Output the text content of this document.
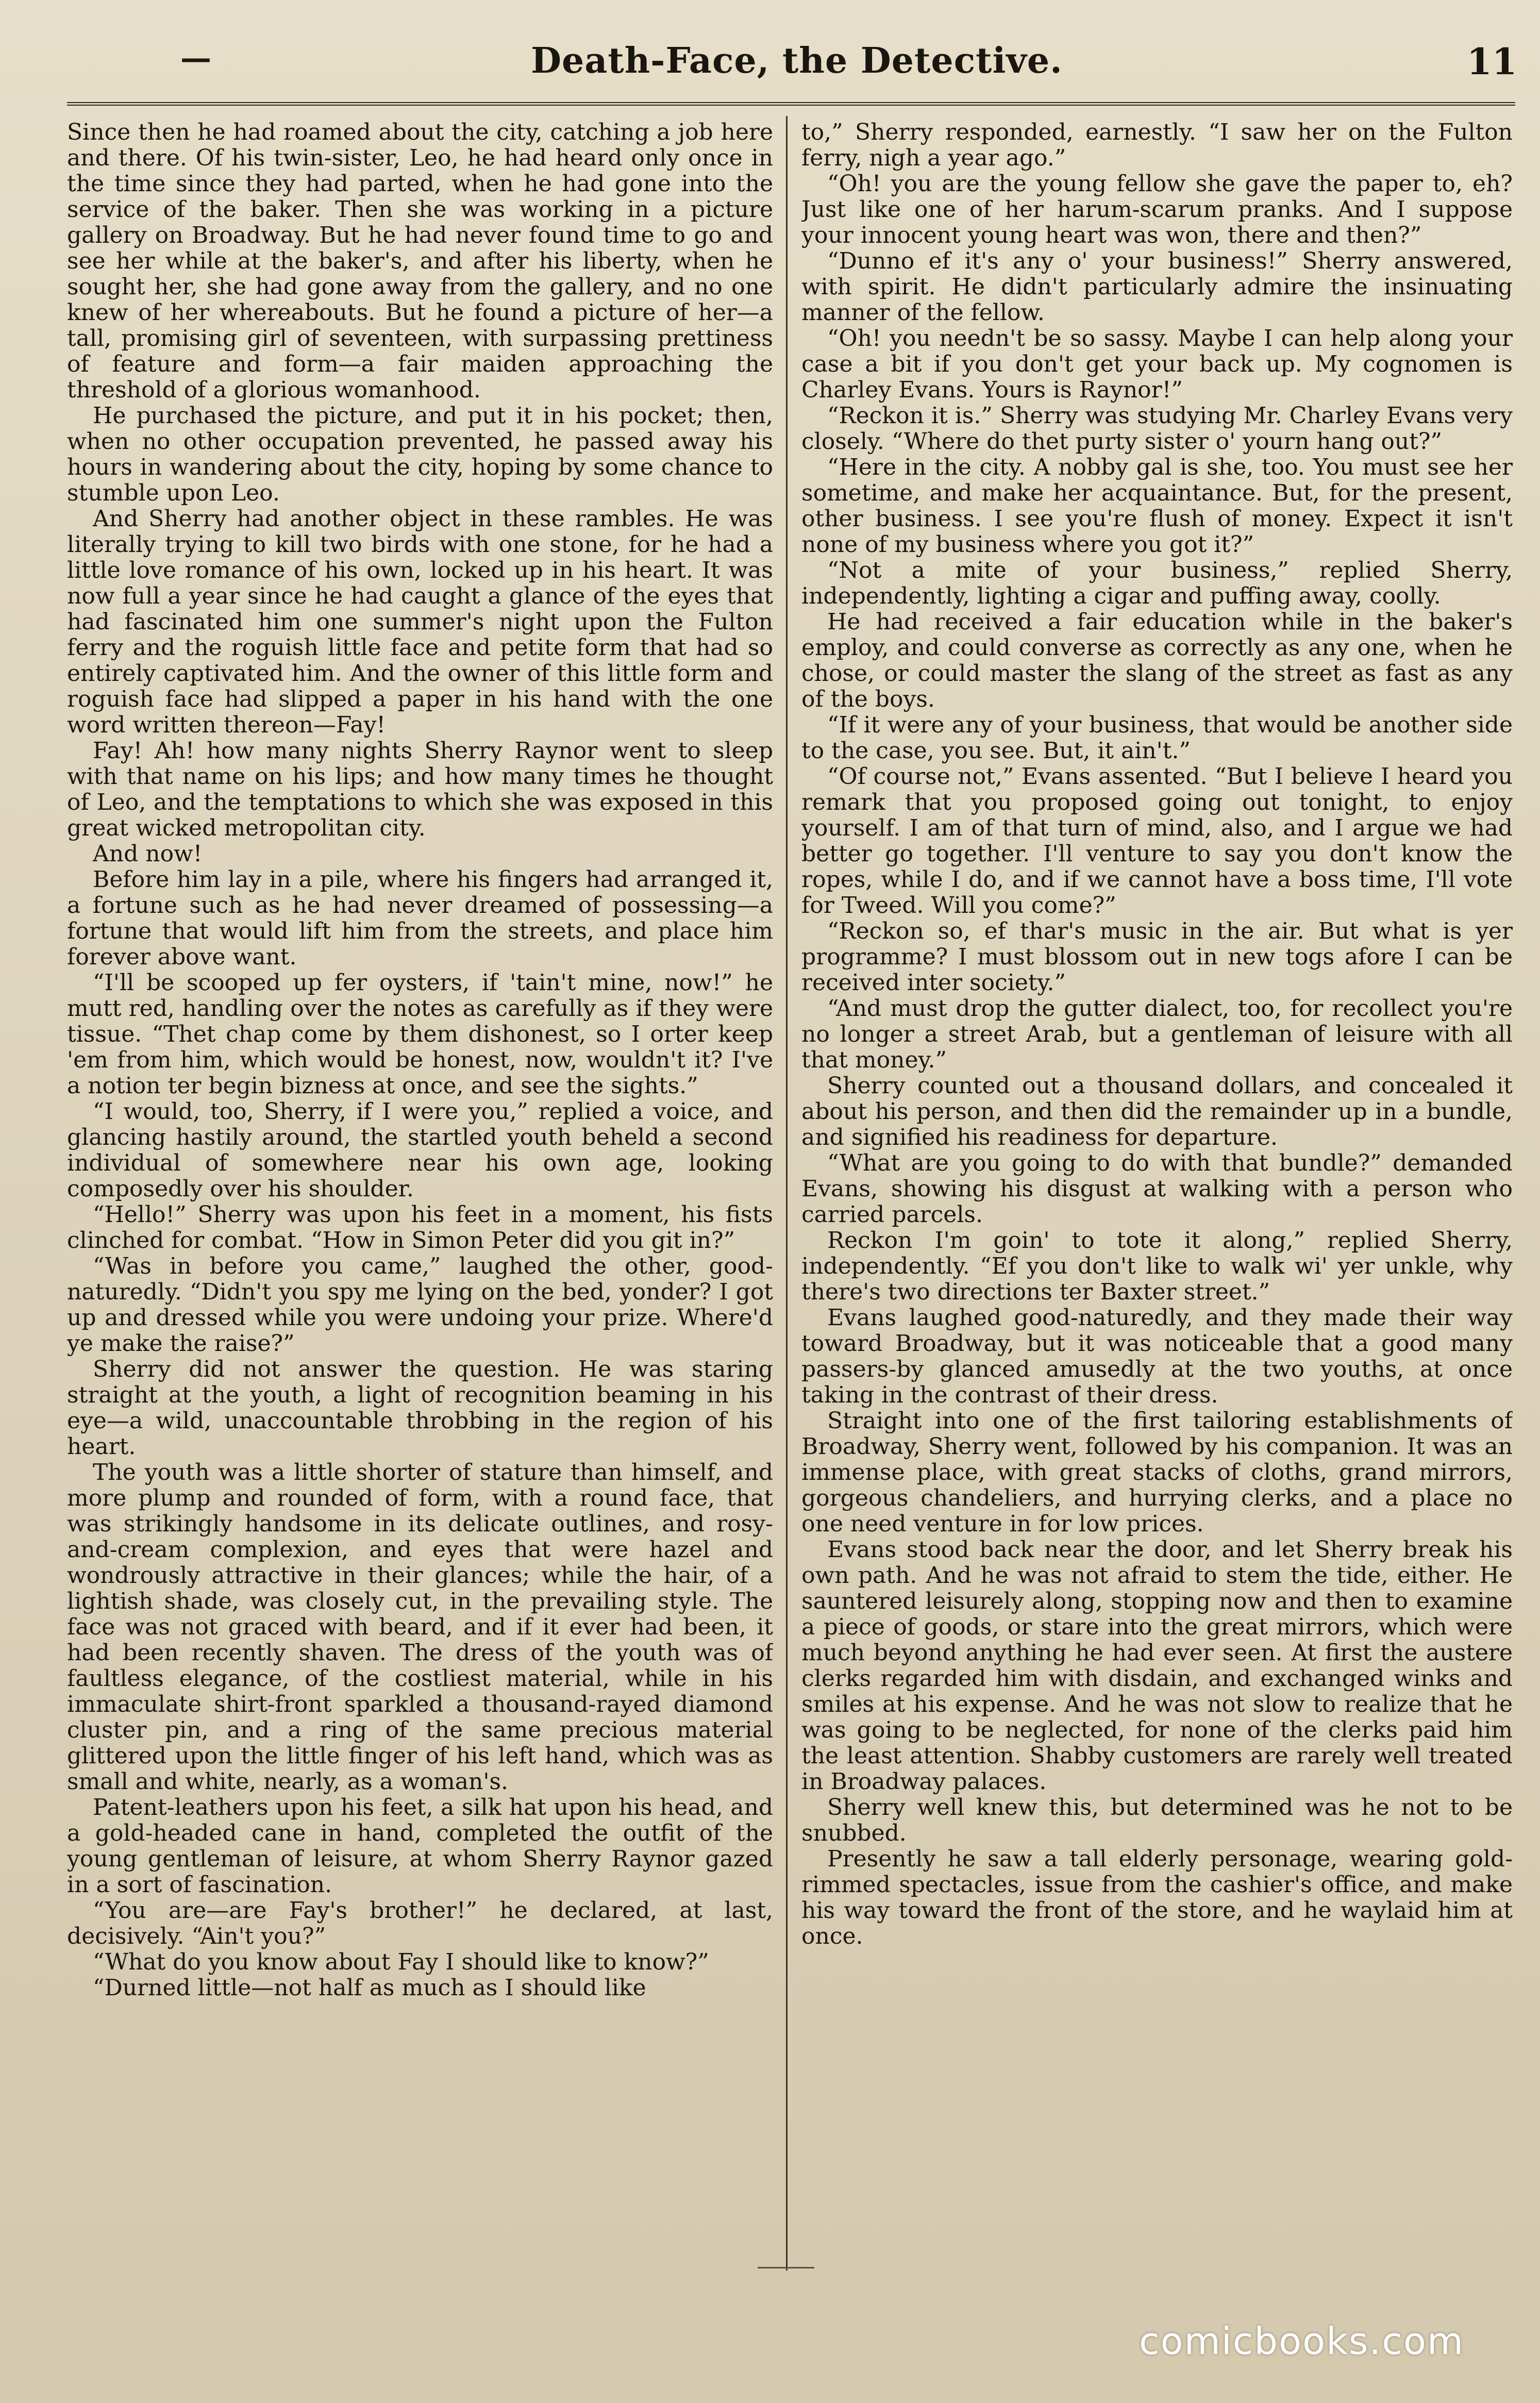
—	Death-Face, the Detective.	11

Since then he had roamed about the city, catching a job here and there. Of his twin-sister, Leo, he had heard only once in the time since they had parted, when he had gone into the service of the baker. Then she was working in a picture gallery on Broadway. But he had never found time to go and see her while at the baker's, and after his liberty, when he sought her, she had gone away from the gallery, and no one knew of her whereabouts. But he found a picture of her—a tall, promising girl of seventeen, with surpassing prettiness of feature and form—a fair maiden approaching the threshold of a glorious womanhood.

He purchased the picture, and put it in his pocket; then, when no other occupation prevented, he passed away his hours in wandering about the city, hoping by some chance to stumble upon Leo.

And Sherry had another object in these rambles. He was literally trying to kill two birds with one stone, for he had a little love romance of his own, locked up in his heart. It was now full a year since he had caught a glance of the eyes that had fascinated him one summer's night upon the Fulton ferry and the roguish little face and petite form that had so entirely captivated him. And the owner of this little form and roguish face had slipped a paper in his hand with the one word written thereon—Fay!

Fay! Ah! how many nights Sherry Raynor went to sleep with that name on his lips; and how many times he thought of Leo, and the temptations to which she was exposed in this great wicked metropolitan city.

And now!

Before him lay in a pile, where his fingers had arranged it, a fortune such as he had never dreamed of possessing—a fortune that would lift him from the streets, and place him forever above want.

“I'll be scooped up fer oysters, if 'tain't mine, now!” he mutt red, handling over the notes as carefully as if they were tissue. “Thet chap come by them dishonest, so I orter keep 'em from him, which would be honest, now, wouldn't it? I've a notion ter begin bizness at once, and see the sights.”

“I would, too, Sherry, if I were you,” replied a voice, and glancing hastily around, the startled youth beheld a second individual of somewhere near his own age, looking composedly over his shoulder.

“Hello!” Sherry was upon his feet in a moment, his fists clinched for combat. “How in Simon Peter did you git in?”

“Was in before you came,” laughed the other, good-naturedly. “Didn't you spy me lying on the bed, yonder? I got up and dressed while you were undoing your prize. Where'd ye make the raise?”

Sherry did not answer the question. He was staring straight at the youth, a light of recognition beaming in his eye—a wild, unaccountable throbbing in the region of his heart.

The youth was a little shorter of stature than himself, and more plump and rounded of form, with a round face, that was strikingly handsome in its delicate outlines, and rosy-and-cream complexion, and eyes that were hazel and wondrously attractive in their glances; while the hair, of a lightish shade, was closely cut, in the prevailing style. The face was not graced with beard, and if it ever had been, it had been recently shaven. The dress of the youth was of faultless elegance, of the costliest material, while in his immaculate shirt-front sparkled a thousand-rayed diamond cluster pin, and a ring of the same precious material glittered upon the little finger of his left hand, which was as small and white, nearly, as a woman's.

Patent-leathers upon his feet, a silk hat upon his head, and a gold-headed cane in hand, completed the outfit of the young gentleman of leisure, at whom Sherry Raynor gazed in a sort of fascination.

“You are—are Fay's brother!” he declared, at last, decisively. “Ain't you?”

“What do you know about Fay I should like to know?”

“Durned little—not half as much as I should like

to,” Sherry responded, earnestly. “I saw her on the Fulton ferry, nigh a year ago.”

“Oh! you are the young fellow she gave the paper to, eh? Just like one of her harum-scarum pranks. And I suppose your innocent young heart was won, there and then?”

“Dunno ef it's any o' your business!” Sherry answered, with spirit. He didn't particularly admire the insinuating manner of the fellow.

“Oh! you needn't be so sassy. Maybe I can help along your case a bit if you don't get your back up. My cognomen is Charley Evans. Yours is Raynor!”

“Reckon it is.” Sherry was studying Mr. Charley Evans very closely. “Where do thet purty sister o' yourn hang out?”

“Here in the city. A nobby gal is she, too. You must see her sometime, and make her acquaintance. But, for the present, other business. I see you're flush of money. Expect it isn't none of my business where you got it?”

“Not a mite of your business,” replied Sherry, independently, lighting a cigar and puffing away, coolly.

He had received a fair education while in the baker's employ, and could converse as correctly as any one, when he chose, or could master the slang of the street as fast as any of the boys.

“If it were any of your business, that would be another side to the case, you see. But, it ain't.”

“Of course not,” Evans assented. “But I believe I heard you remark that you proposed going out tonight, to enjoy yourself. I am of that turn of mind, also, and I argue we had better go together. I'll venture to say you don't know the ropes, while I do, and if we cannot have a boss time, I'll vote for Tweed. Will you come?”

“Reckon so, ef thar's music in the air. But what is yer programme? I must blossom out in new togs afore I can be received inter society.”

“And must drop the gutter dialect, too, for recollect you're no longer a street Arab, but a gentleman of leisure with all that money.”

Sherry counted out a thousand dollars, and concealed it about his person, and then did the remainder up in a bundle, and signified his readiness for departure.

“What are you going to do with that bundle?” demanded Evans, showing his disgust at walking with a person who carried parcels.

Reckon I'm goin' to tote it along,” replied Sherry, independently. “Ef you don't like to walk wi' yer unkle, why there's two directions ter Baxter street.”

Evans laughed good-naturedly, and they made their way toward Broadway, but it was noticeable that a good many passers-by glanced amusedly at the two youths, at once taking in the contrast of their dress.

Straight into one of the first tailoring establishments of Broadway, Sherry went, followed by his companion. It was an immense place, with great stacks of cloths, grand mirrors, gorgeous chandeliers, and hurrying clerks, and a place no one need venture in for low prices.

Evans stood back near the door, and let Sherry break his own path. And he was not afraid to stem the tide, either. He sauntered leisurely along, stopping now and then to examine a piece of goods, or stare into the great mirrors, which were much beyond anything he had ever seen. At first the austere clerks regarded him with disdain, and exchanged winks and smiles at his expense. And he was not slow to realize that he was going to be neglected, for none of the clerks paid him the least attention. Shabby customers are rarely well treated in Broadway palaces.

Sherry well knew this, but determined was he not to be snubbed.

Presently he saw a tall elderly personage, wearing gold-rimmed spectacles, issue from the cashier's office, and make his way toward the front of the store, and he waylaid him at once.

comicbooks.com
